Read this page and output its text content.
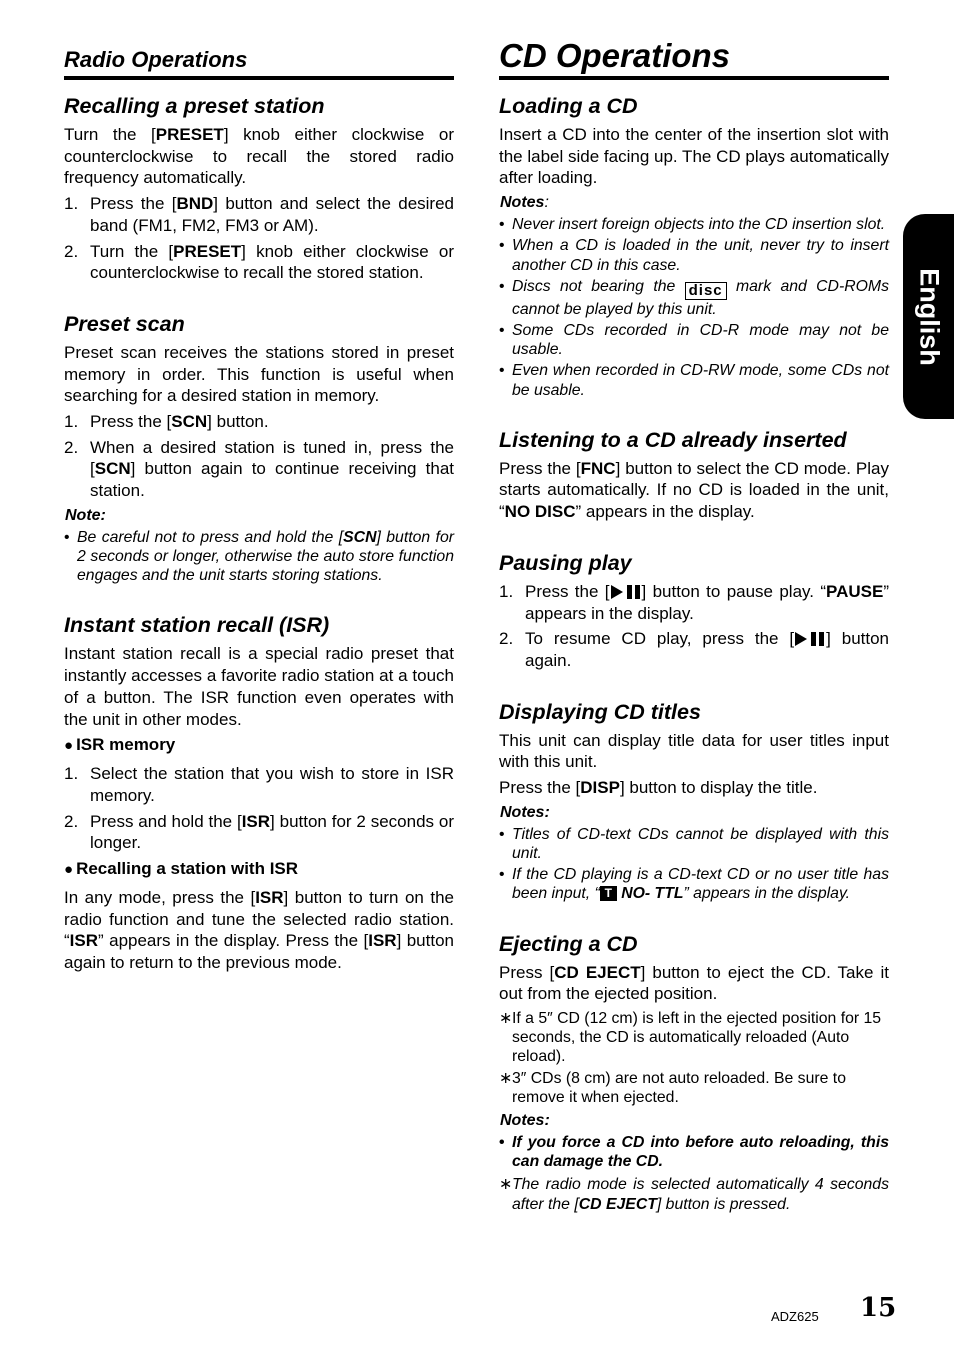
Radio Operations
Recalling a preset station

Turn the [PRESET] knob either clockwise or counterclockwise to recall the stored radio frequency automatically.

1. Press the [BND] button and select the desired band (FM1, FM2, FM3 or AM).
2. Turn the [PRESET] knob either clockwise or counterclockwise to recall the stored station.
Preset scan

Preset scan receives the stations stored in preset memory in order. This function is useful when searching for a desired station in memory.

1. Press the [SCN] button.
2. When a desired station is tuned in, press the [SCN] button again to continue receiving that station.
Note:
• Be careful not to press and hold the [SCN] button for 2 seconds or longer, otherwise the auto store function engages and the unit starts storing stations.
Instant station recall (ISR)

Instant station recall is a special radio preset that instantly accesses a favorite radio station at a touch of a button. The ISR function even operates with the unit in other modes.

● ISR memory
1. Select the station that you wish to store in ISR memory.
2. Press and hold the [ISR] button for 2 seconds or longer.
● Recalling a station with ISR

In any mode, press the [ISR] button to turn on the radio function and tune the selected radio station. “ISR” appears in the display. Press the [ISR] button again to return to the previous mode.

CD Operations
Loading a CD

Insert a CD into the center of the insertion slot with the label side facing up. The CD plays automatically after loading.

Notes:
• Never insert foreign objects into the CD insertion slot.
• When a CD is loaded in the unit, never try to insert another CD in this case.
• Discs not bearing the disc mark and CD-ROMs cannot be played by this unit.
• Some CDs recorded in CD-R mode may not be usable.
• Even when recorded in CD-RW mode, some CDs not be usable.
Listening to a CD already inserted

Press the [FNC] button to select the CD mode. Play starts automatically. If no CD is loaded in the unit, “NO DISC” appears in the display.

Pausing play
1. Press the [ ] button to pause play. “PAUSE” appears in the display.
2. To resume CD play, press the [ ] button again.
Displaying CD titles

This unit can display title data for user titles input with this unit.

Press the [DISP] button to display the title.

Notes:
• Titles of CD-text CDs cannot be displayed with this unit.
• If the CD playing is a CD-text CD or no user title has been input, “ T NO- TTL” appears in the display.
Ejecting a CD

Press [CD EJECT] button to eject the CD. Take it out from the ejected position.

∗ If a 5″ CD (12 cm) is left in the ejected position for 15 seconds, the CD is automatically reloaded (Auto reload).
∗ 3″ CDs (8 cm) are not auto reloaded. Be sure to remove it when ejected.
Notes:
• If you force a CD into before auto reloading, this can damage the CD.
∗ The radio mode is selected automatically 4 seconds after the [CD EJECT] button is pressed.
English
ADZ625 15
